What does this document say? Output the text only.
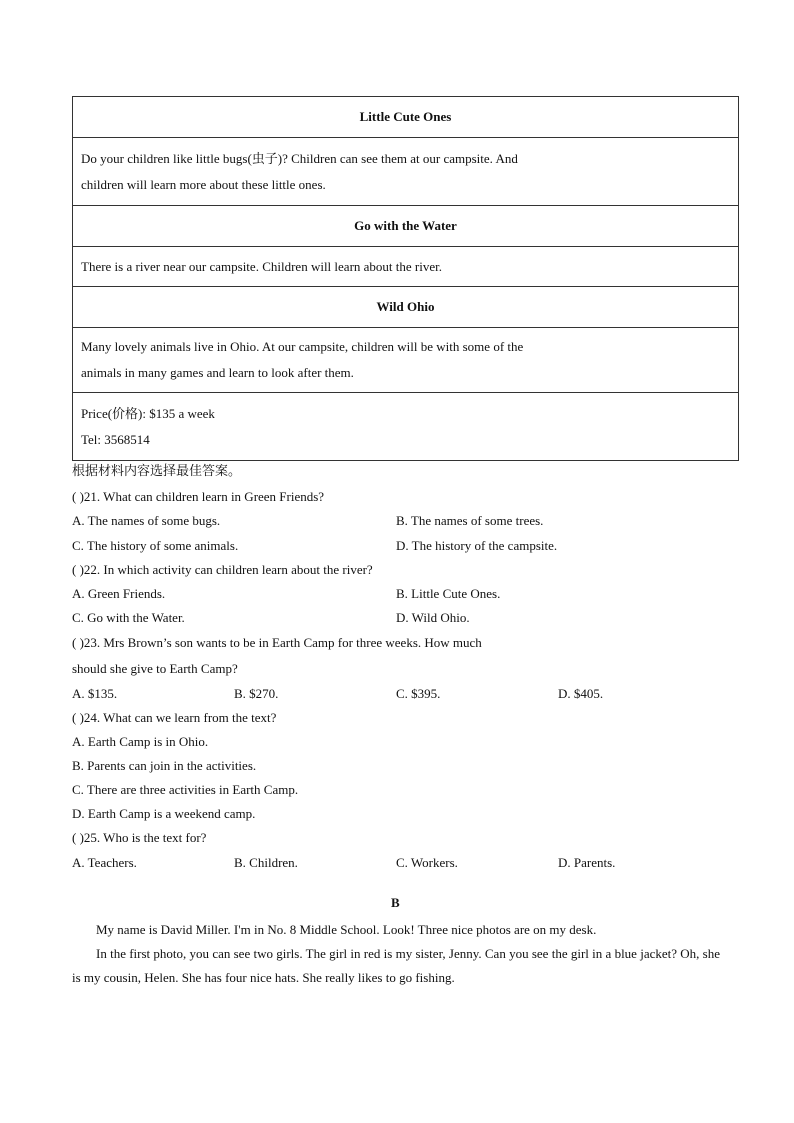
Little Cute Ones

Do your children like little bugs(虫子)? Children can see them at our campsite. And
children will learn more about these little ones.

Go with the Water

There is a river near our campsite. Children will learn about the river.

Wild Ohio

Many lovely animals live in Ohio. At our campsite, children will be with some of the
animals in many games and learn to look after them.

Price(价格): $135 a week
Tel: 3568514
根据材料内容选择最佳答案。
( )21. What can children learn in Green Friends?
A. The names of some bugs.	B. The names of some trees.
C. The history of some animals.	D. The history of the campsite.
( )22. In which activity can children learn about the river?
A. Green Friends.	B. Little Cute Ones.
C. Go with the Water.	D. Wild Ohio.
( )23. Mrs Brown’s son wants to be in Earth Camp for three weeks. How much
should she give to Earth Camp?
A. $135.	B. $270.	C. $395.	D. $405.
( )24. What can we learn from the text?
A. Earth Camp is in Ohio.
B. Parents can join in the activities.
C. There are three activities in Earth Camp.
D. Earth Camp is a weekend camp.
( )25. Who is the text for?
A. Teachers.	B. Children.	C. Workers.	D. Parents.
B
My name is David Miller. I'm in No. 8 Middle School. Look! Three nice photos are on my desk.
In the first photo, you can see two girls. The girl in red is my sister, Jenny. Can you see the girl in a blue jacket? Oh, she is my cousin, Helen. She has four nice hats. She really likes to go fishing.
